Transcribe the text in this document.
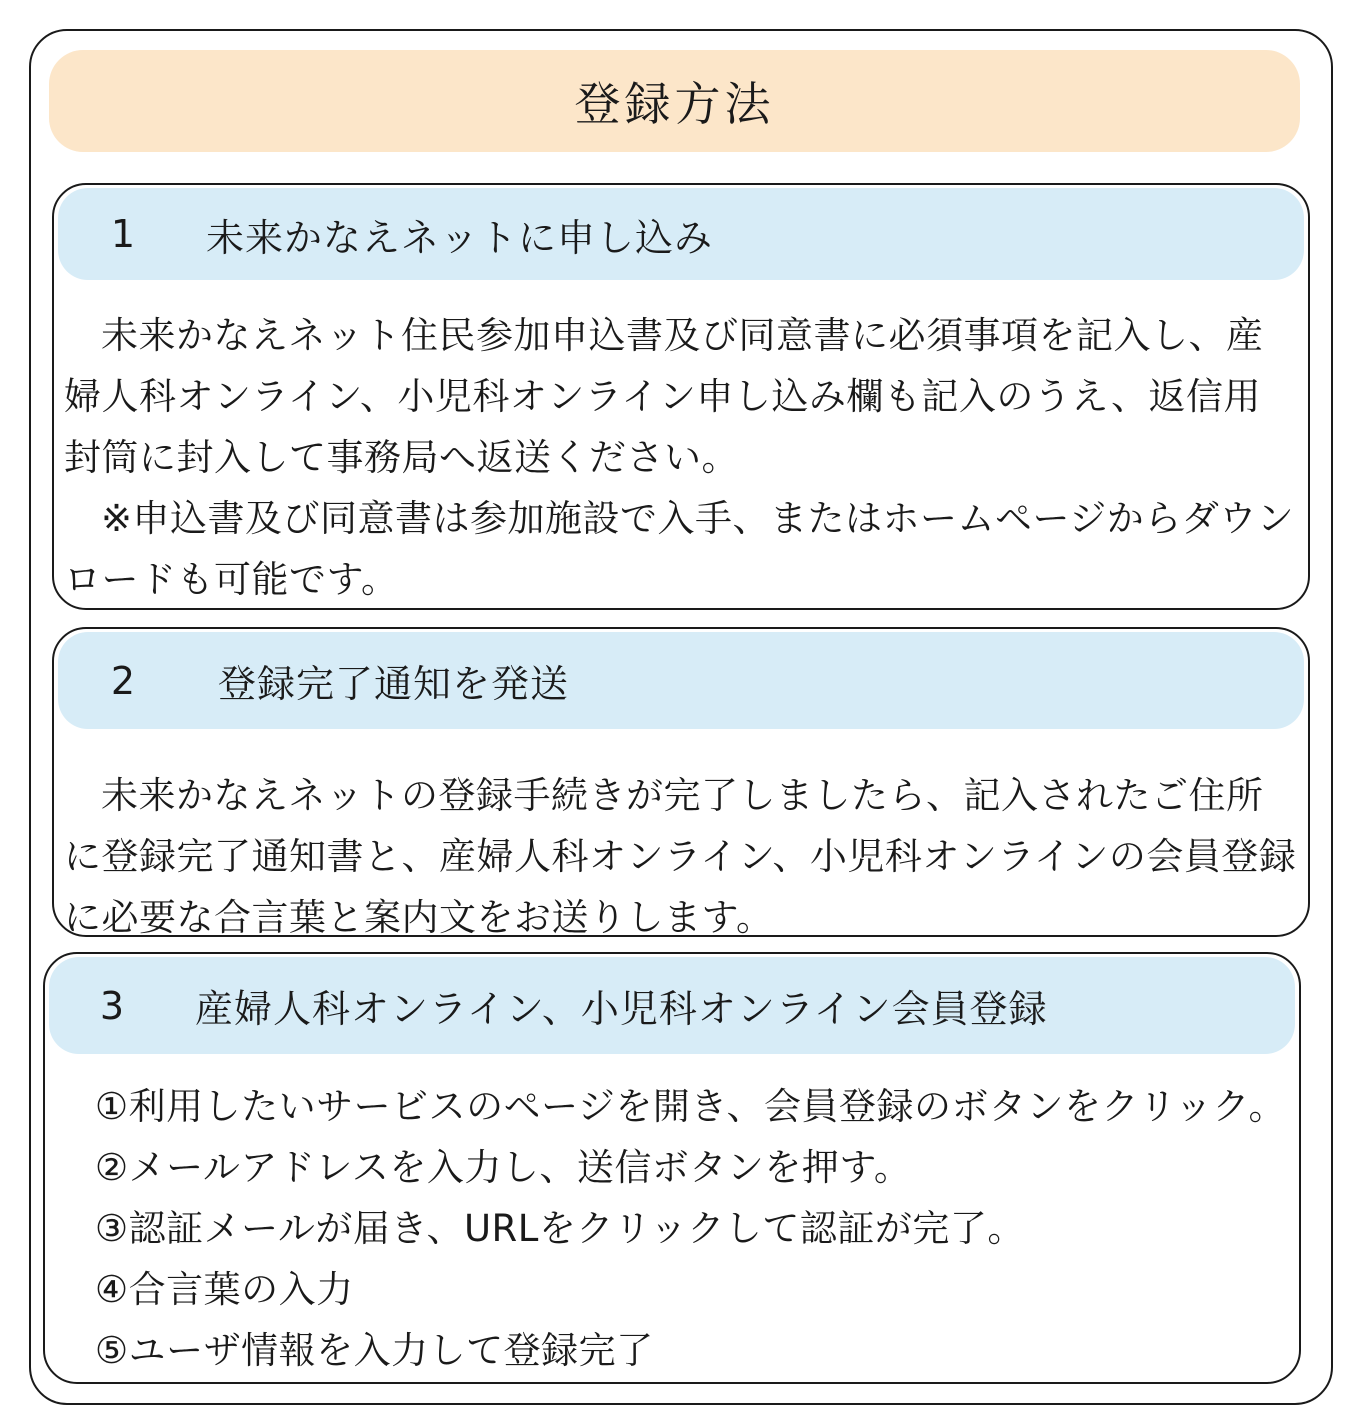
登録方法
1	未来かなえネットに申し込み

未来かなえネット住民参加申込書及び同意書に必須事項を記入し、産婦人科オンライン、小児科オンライン申し込み欄も記入のうえ、返信用封筒に封入して事務局へ返送ください。

※申込書及び同意書は参加施設で入手、またはホームページからダウンロードも可能です。

2	登録完了通知を発送

未来かなえネットの登録手続きが完了しましたら、記入されたご住所に登録完了通知書と、産婦人科オンライン、小児科オンラインの会員登録に必要な合言葉と案内文をお送りします。

3	産婦人科オンライン、小児科オンライン会員登録

①利用したいサービスのページを開き、会員登録のボタンをクリック。

②メールアドレスを入力し、送信ボタンを押す。

③認証メールが届き、URLをクリックして認証が完了。

④合言葉の入力

⑤ユーザ情報を入力して登録完了
